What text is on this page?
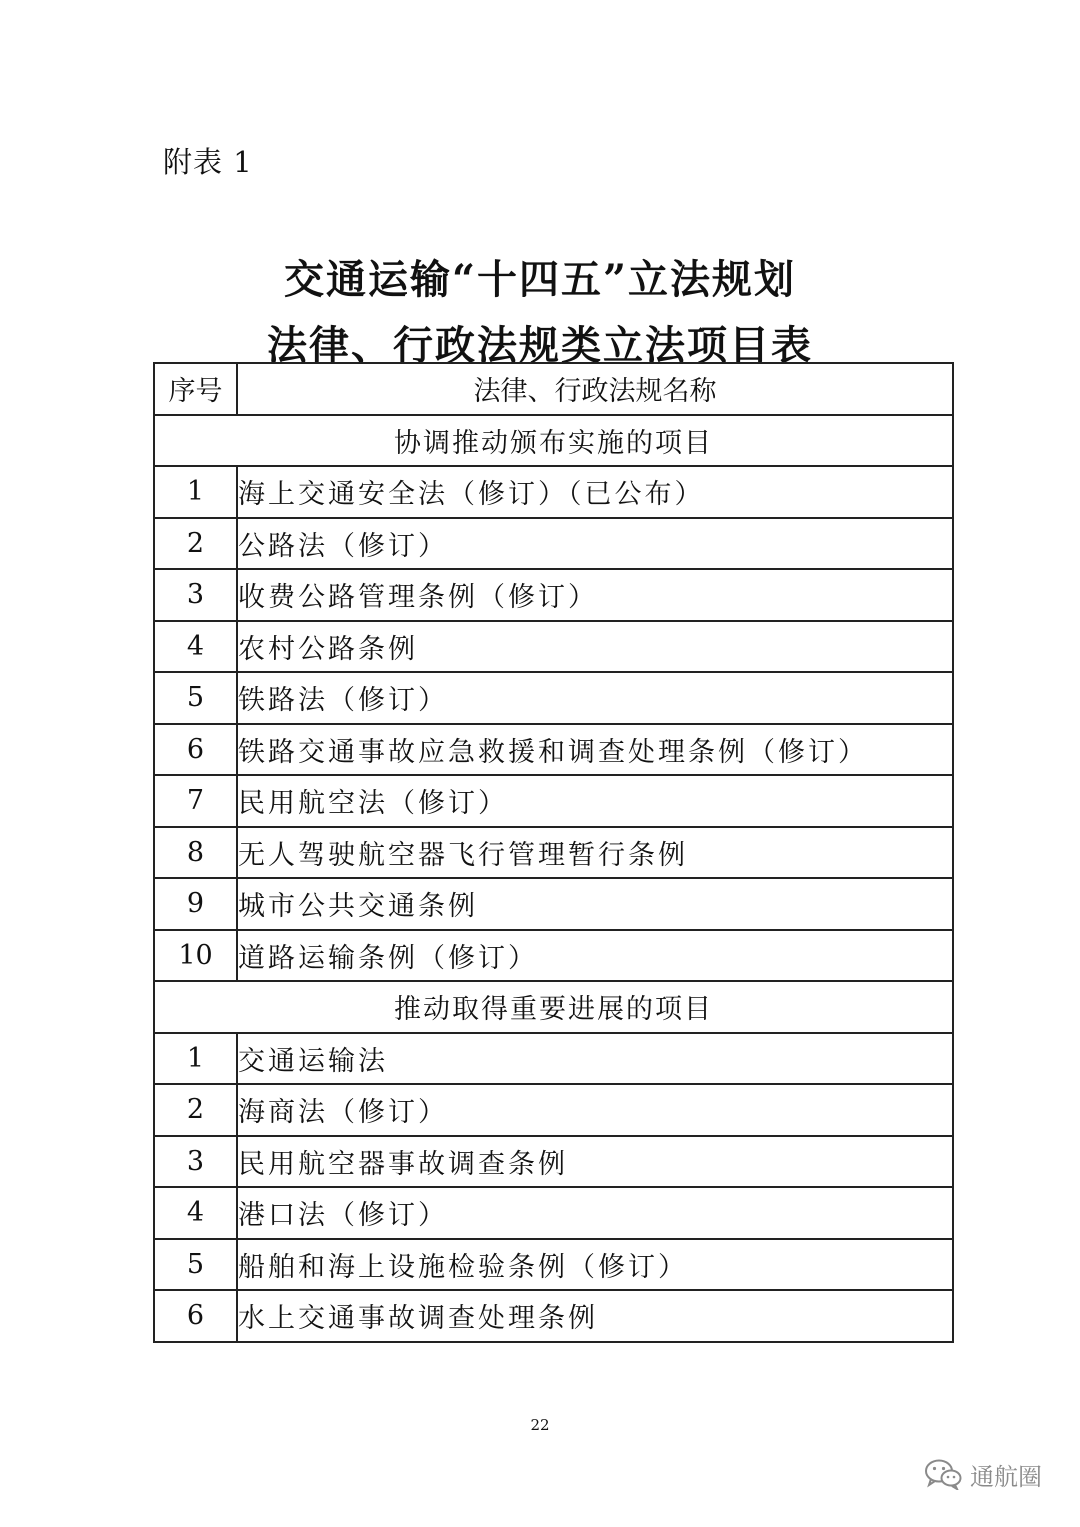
附表 1
交通运输“十四五”立法规划
法律、行政法规类立法项目表
序号	法律、行政法规名称
协调推动颁布实施的项目	
1	海上交通安全法（修订）（已公布）
2	公路法（修订）
3	收费公路管理条例（修订）
4	农村公路条例
5	铁路法（修订）
6	铁路交通事故应急救援和调查处理条例（修订）
7	民用航空法（修订）
8	无人驾驶航空器飞行管理暂行条例
9	城市公共交通条例
10	道路运输条例（修订）
推动取得重要进展的项目	
1	交通运输法
2	海商法（修订）
3	民用航空器事故调查条例
4	港口法（修订）
5	船舶和海上设施检验条例（修订）
6	水上交通事故调查处理条例
22
通航圈
